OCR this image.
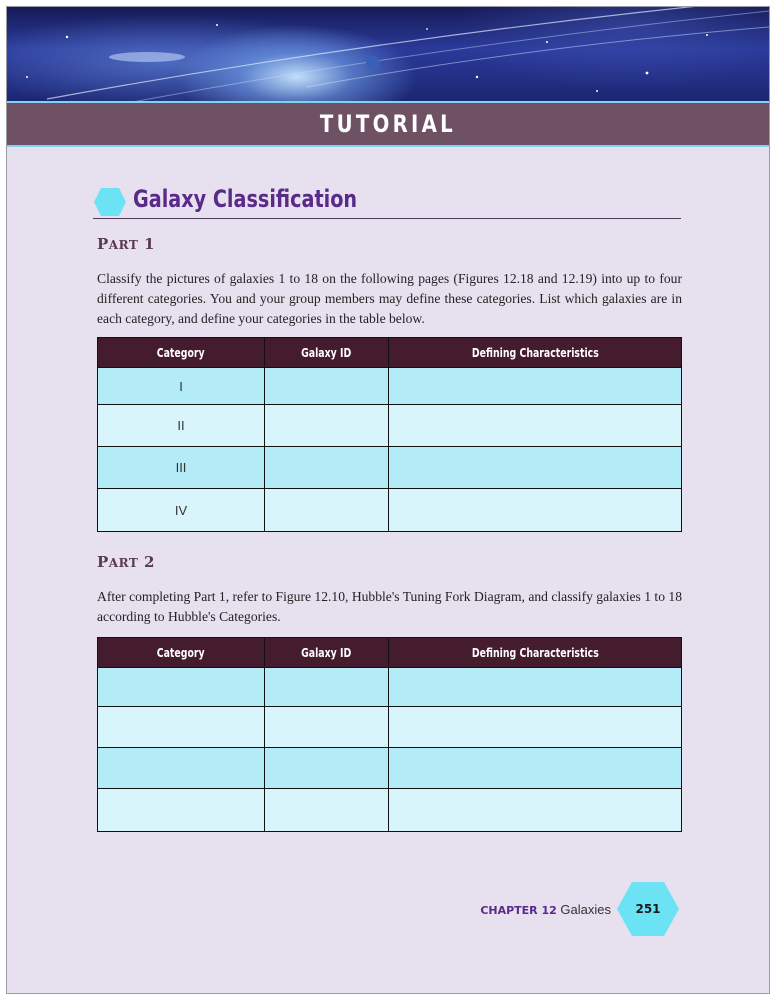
TUTORIAL
Galaxy Classification
PART 1

Classify the pictures of galaxies 1 to 18 on the following pages (Figures 12.18 and 12.19) into up to four different categories. You and your group members may define these categories. List which galaxies are in each category, and define your categories in the table below.

Category	Galaxy ID	Defining Characteristics
I		
II		
III		
IV		
PART 2

After completing Part 1, refer to Figure 12.10, Hubble's Tuning Fork Diagram, and classify galaxies 1 to 18 according to Hubble's Categories.

Category	Galaxy ID	Defining Characteristics

CHAPTER 12 Galaxies	251
